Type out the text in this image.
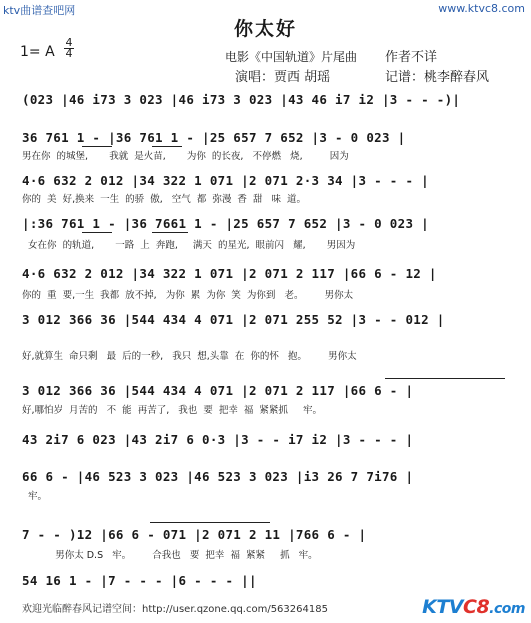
ktv曲谱查吧网	www.ktvc8.com
你太好
1= A
4
4	电影《中国轨道》片尾曲 作者不详
演唱：贾西 胡瑶	记谱：桃李醉春风
(023 |46 i73 3 023 |46 i73 3 023 |43 46 i7 i2 |3 - - -)|
36 761 1 - |36 761 1 - |25 657 7 652 |3 - 0 023 |
男在你  的城堡,       我就  是火苗,       为你  的长夜,   不停燃   烧,         因为
4·6 632 2 012 |34 322 1 071 |2 071 2·3 34 |3 - - - |
你的  美  好,换来  一生  的骄  傲,   空气  都  弥漫  香  甜   味  道。
|:36 761 1 - |36 7661 1 - |25 657 7 652 |3 - 0 023 |
女在你  的轨道,       一路  上  奔跑,     满天  的星光,  眼前闪   耀,       男因为
4·6 632 2 012 |34 322 1 071 |2 071 2 117 |66 6 - 12 |
你的  重  要,一生  我都  放不掉,   为你  累  为你  笑  为你到   老。       男你太
3 012 366 36 |544 434 4 071 |2 071 255 52 |3 - - 012 |
好,就算生  命只剩   最  后的一秒,   我只  想,头靠  在  你的怀   抱。       男你太
3 012 366 36 |544 434 4 071 |2 071 2 117 |66 6 - |
好,哪怕岁  月苦的   不  能  再苦了,   我也  要  把幸  福  紧紧抓     牢。
43 2i7 6 023 |43 2i7 6 0·3 |3 - - i7 i2 |3 - - - |
66 6 - |46 523 3 023 |46 523 3 023 |i3 26 7 7i76 |
牢。
7 - - )12 |66 6 - 071 |2 071 2 11 |766 6 - |
男你太 D.S   牢。       合我也   要  把幸  福  紧紧     抓   牢。
54 16 1 - |7 - - - |6 - - - ||
欢迎光临醉春风记谱空间：http://user.qzone.qq.com/563264185	KTVC8.com
